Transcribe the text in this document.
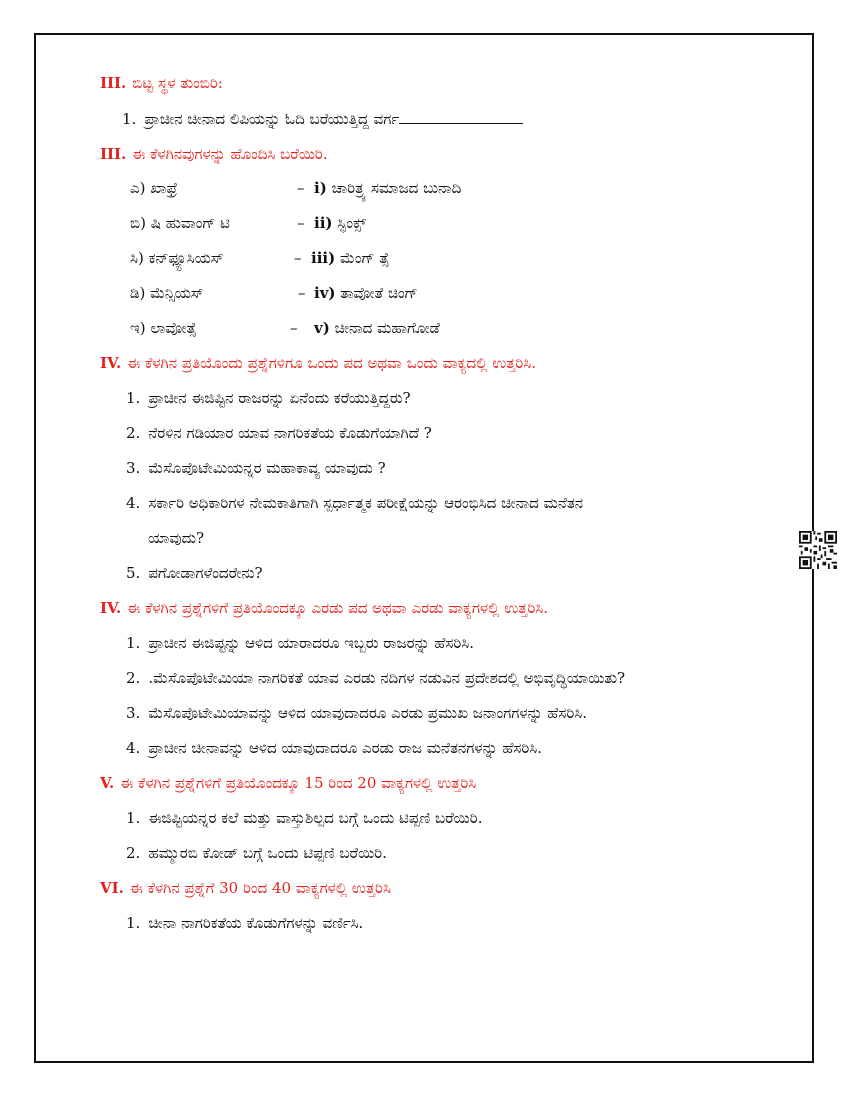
III. ಬಿಟ್ಟ ಸ್ಥಳ ತುಂಬಿರಿ:
1. ಪ್ರಾಚೀನ ಚೀನಾದ ಲಿಪಿಯನ್ನು ಓದಿ ಬರೆಯುತ್ತಿದ್ದ ವರ್ಗ
III. ಈ ಕೆಳಗಿನವುಗಳನ್ನು ಹೊಂದಿಸಿ ಬರೆಯಿರಿ.
ಎ) ಖಾಫ್ರೆ	– i) ಚಾರಿತ್ರ್ಯ ಸಮಾಜದ ಬುನಾದಿ
ಬಿ) ಷಿ ಹುವಾಂಗ್ ಟಿ	– ii) ಸ್ಫಿಂಕ್ಸ್
ಸಿ) ಕನ್‌ಫ್ಯೂಸಿಯಸ್	– iii) ಮೆಂಗ್ ತ್ಸೆ
ಡಿ) ಮೆನ್ಸಿಯಸ್	– iv) ತಾವೋತೆ ಚಿಂಗ್
ಇ) ಲಾವೋತ್ಸೆ	– v) ಚೀನಾದ ಮಹಾಗೋಡೆ
IV. ಈ ಕೆಳಗಿನ ಪ್ರತಿಯೊಂದು ಪ್ರಶ್ನೆಗಳಿಗೂ ಒಂದು ಪದ ಅಥವಾ ಒಂದು ವಾಕ್ಯದಲ್ಲಿ ಉತ್ತರಿಸಿ.
1. ಪ್ರಾಚೀನ ಈಜಿಪ್ಟಿನ ರಾಜರನ್ನು ಏನೆಂದು ಕರೆಯುತ್ತಿದ್ದರು?
2. ನೆರಳಿನ ಗಡಿಯಾರ ಯಾವ ನಾಗರಿಕತೆಯ ಕೊಡುಗೆಯಾಗಿದೆ ?
3. ಮೆಸೊಪೊಟೇಮಿಯನ್ನರ ಮಹಾಕಾವ್ಯ ಯಾವುದು ?
4. ಸರ್ಕಾರಿ ಅಧಿಕಾರಿಗಳ ನೇಮಕಾತಿಗಾಗಿ ಸ್ಪರ್ಧಾತ್ಮಕ ಪರೀಕ್ಷೆಯನ್ನು ಆರಂಭಿಸಿದ ಚೀನಾದ ಮನೆತನ
ಯಾವುದು?
5. ಪಗೋಡಾಗಳೆಂದರೇನು?
IV. ಈ ಕೆಳಗಿನ ಪ್ರಶ್ನೆಗಳಿಗೆ ಪ್ರತಿಯೊಂದಕ್ಕೂ ಎರಡು ಪದ ಅಥವಾ ಎರಡು ವಾಕ್ಯಗಳಲ್ಲಿ ಉತ್ತರಿಸಿ.
1. ಪ್ರಾಚೀನ ಈಜಿಪ್ಟನ್ನು ಆಳಿದ ಯಾರಾದರೂ ಇಬ್ಬರು ರಾಜರನ್ನು ಹೆಸರಿಸಿ.
2. .ಮೆಸೊಪೊಟೇಮಿಯಾ ನಾಗರಿಕತೆ ಯಾವ ಎರಡು ನದಿಗಳ ನಡುವಿನ ಪ್ರದೇಶದಲ್ಲಿ ಅಭಿವೃದ್ಧಿಯಾಯಿತು?
3. ಮೆಸೊಪೊಟೇಮಿಯಾವನ್ನು ಆಳಿದ ಯಾವುದಾದರೂ ಎರಡು ಪ್ರಮುಖ ಜನಾಂಗಗಳನ್ನು ಹೆಸರಿಸಿ.
4. ಪ್ರಾಚೀನ ಚೀನಾವನ್ನು ಆಳಿದ ಯಾವುದಾದರೂ ಎರಡು ರಾಜ ಮನೆತನಗಳನ್ನು ಹೆಸರಿಸಿ.
V. ಈ ಕೆಳಗಿನ ಪ್ರಶ್ನೆಗಳಿಗೆ ಪ್ರತಿಯೊಂದಕ್ಕೂ 15 ರಿಂದ 20 ವಾಕ್ಯಗಳಲ್ಲಿ ಉತ್ತರಿಸಿ
1. ಈಜಿಪ್ಟಿಯನ್ನರ ಕಲೆ ಮತ್ತು ವಾಸ್ತುಶಿಲ್ಪದ ಬಗ್ಗೆ ಒಂದು ಟಿಪ್ಪಣಿ ಬರೆಯಿರಿ.
2. ಹಮ್ಮುರಬಿ ಕೋಡ್ ಬಗ್ಗೆ ಒಂದು ಟಿಪ್ಪಣಿ ಬರೆಯಿರಿ.
VI. ಈ ಕೆಳಗಿನ ಪ್ರಶ್ನೆಗೆ 30 ರಿಂದ 40 ವಾಕ್ಯಗಳಲ್ಲಿ ಉತ್ತರಿಸಿ
1. ಚೀನಾ ನಾಗರಿಕತೆಯ ಕೊಡುಗೆಗಳನ್ನು ವರ್ಣಿಸಿ.
